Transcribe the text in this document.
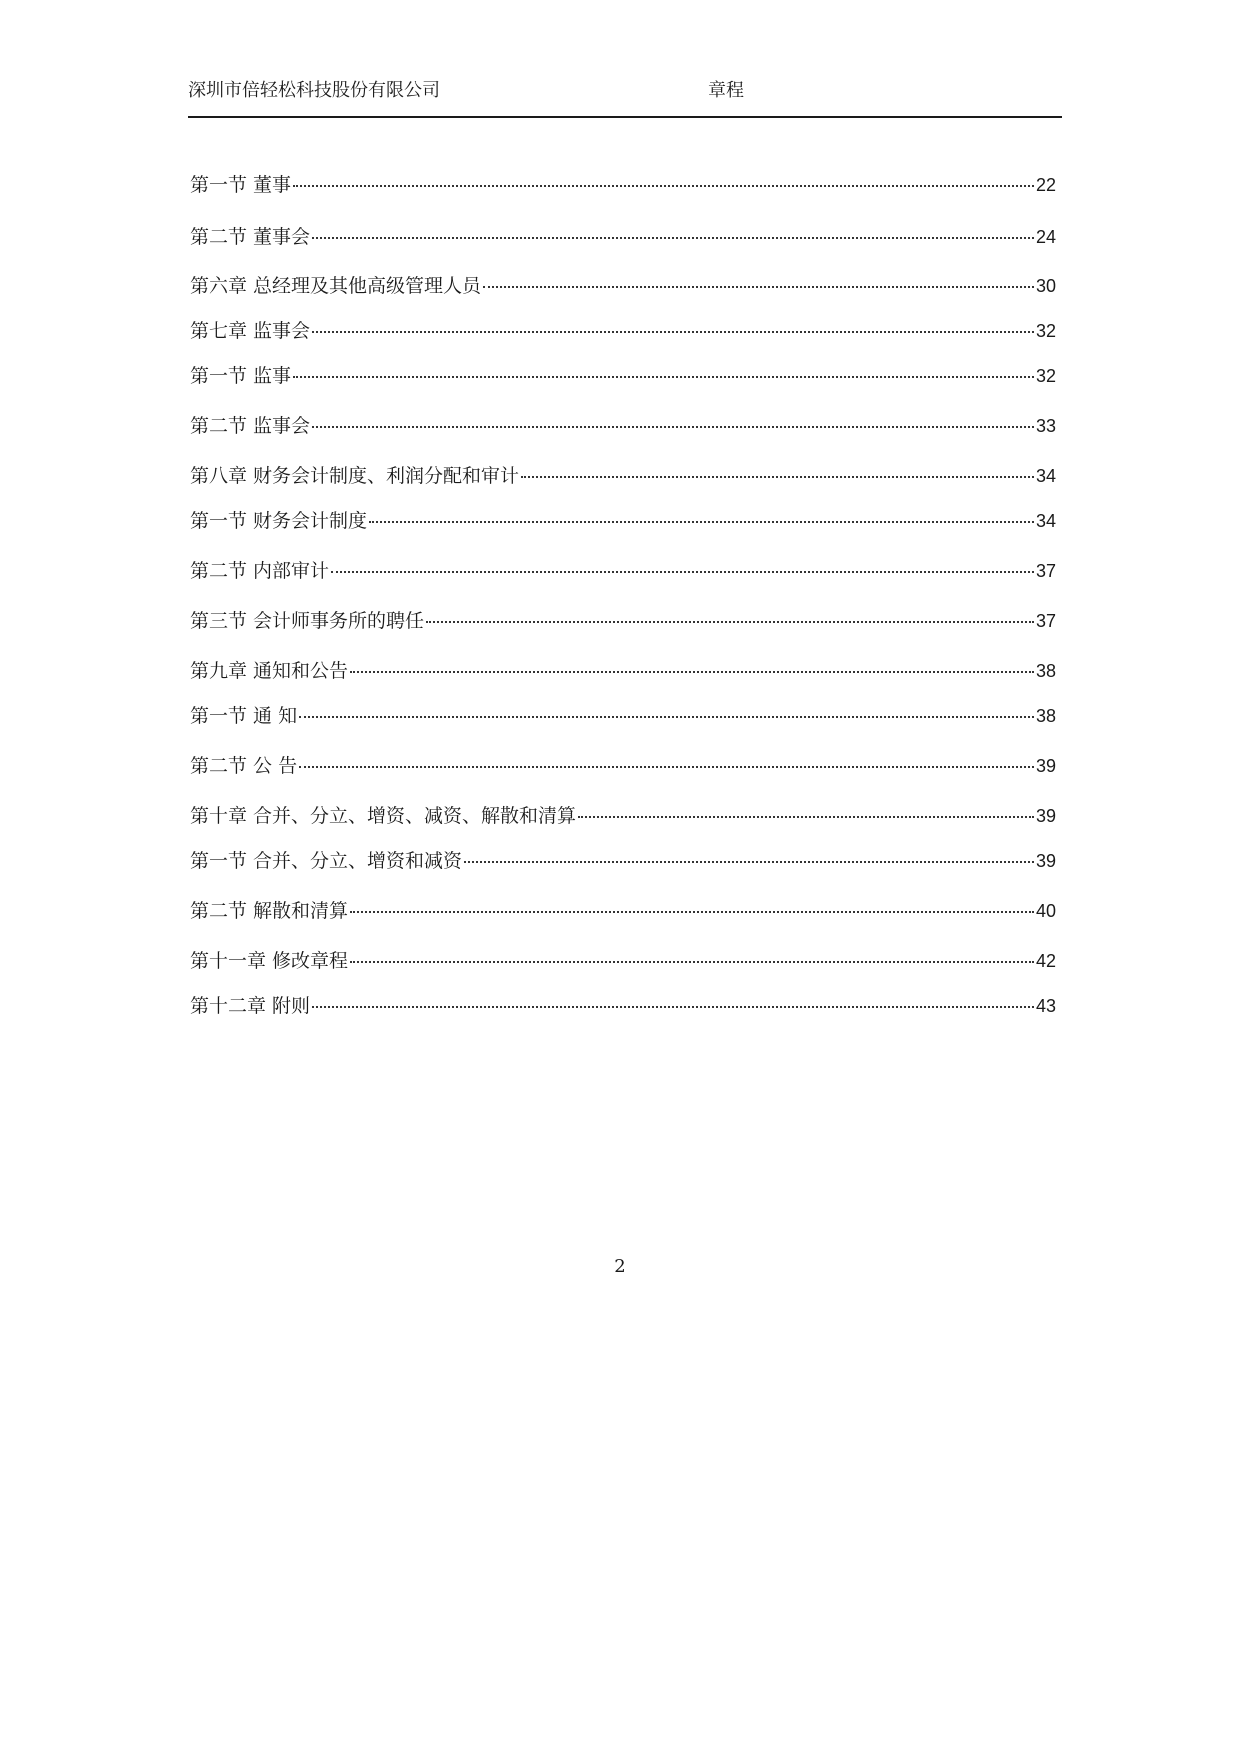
深圳市倍轻松科技股份有限公司	章程
第一节 董事	22
第二节 董事会	24
第六章 总经理及其他高级管理人员	30
第七章 监事会	32
第一节 监事	32
第二节 监事会	33
第八章 财务会计制度、利润分配和审计	34
第一节 财务会计制度	34
第二节 内部审计	37
第三节 会计师事务所的聘任	37
第九章 通知和公告	38
第一节 通 知	38
第二节 公 告	39
第十章 合并、分立、增资、减资、解散和清算	39
第一节 合并、分立、增资和减资	39
第二节 解散和清算	40
第十一章 修改章程	42
第十二章 附则	43
2
